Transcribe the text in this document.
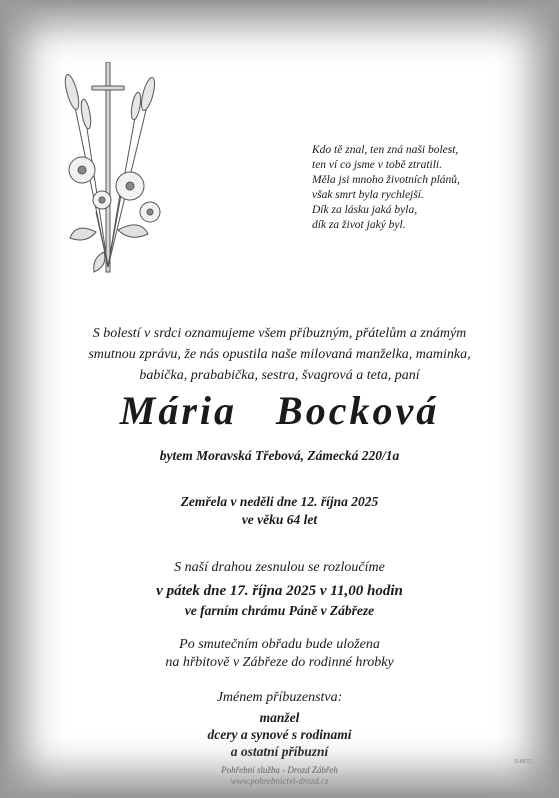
Kdo tě znal, ten zná naši bolest,
ten ví co jsme v tobě ztratili.
Měla jsi mnoho životních plánů,
však smrt byla rychlejší.
Dík za lásku jaká byla,
dík za život jaký byl.
S bolestí v srdci oznamujeme všem příbuzným, přátelům a známým
smutnou zprávu, že nás opustila naše milovaná manželka, maminka,
babička, prababička, sestra, švagrová a teta, paní
Mária Bocková
bytem Moravská Třebová, Zámecká 220/1a
Zemřela v neděli dne 12. října 2025
ve věku 64 let
S naší drahou zesnulou se rozloučíme
v pátek dne 17. října 2025 v 11,00 hodin
ve farním chrámu Páně v Zábřeze
Po smutečním obřadu bude uložena
na hřbitově v Zábřeze do rodinné hrobky
Jménem příbuzenstva:
manžel
dcery a synové s rodinami
a ostatní příbuzní
Pohřební služba - Drozd Zábřeh
www.pohrebnictvi-drozd.cz
S-MC07
